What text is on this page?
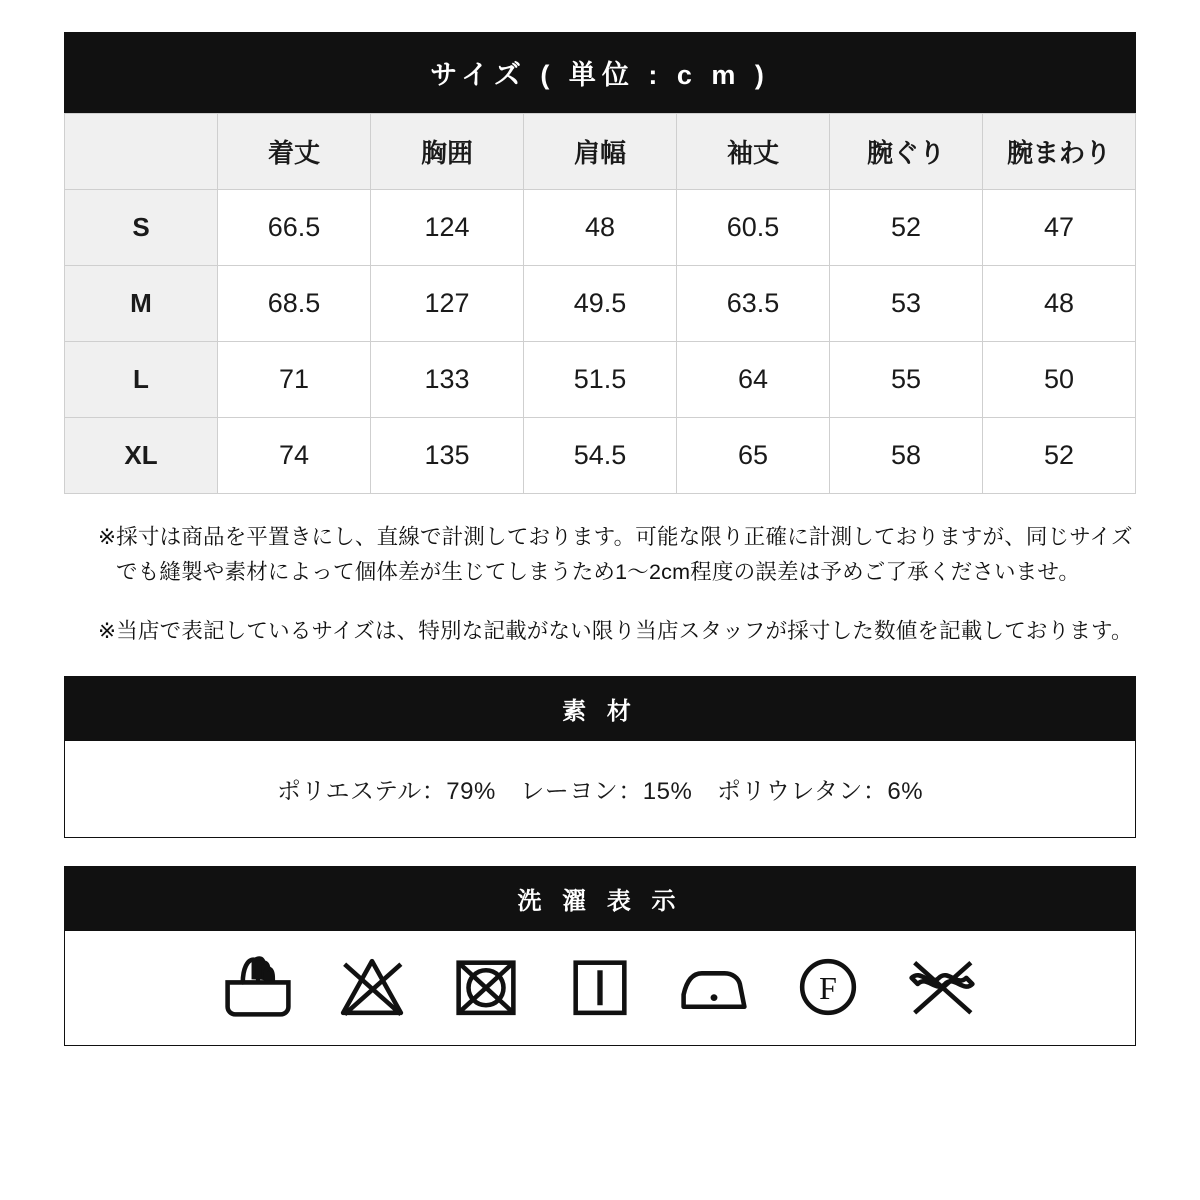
サイズ ( 単位 : c m )
	着丈	胸囲	肩幅	袖丈	腕ぐり	腕まわり
S	66.5	124	48	60.5	52	47
M	68.5	127	49.5	63.5	53	48
L	71	133	51.5	64	55	50
XL	74	135	54.5	65	58	52

※採寸は商品を平置きにし、直線で計測しております。可能な限り正確に計測しておりますが、同じサイズでも縫製や素材によって個体差が生じてしまうため1〜2cm程度の誤差は予めご了承くださいませ。

※当店で表記しているサイズは、特別な記載がない限り当店スタッフが採寸した数値を記載しております。

素 材
ポリエステル：79%　レーヨン：15%　ポリウレタン：6%
洗 濯 表 示
F
